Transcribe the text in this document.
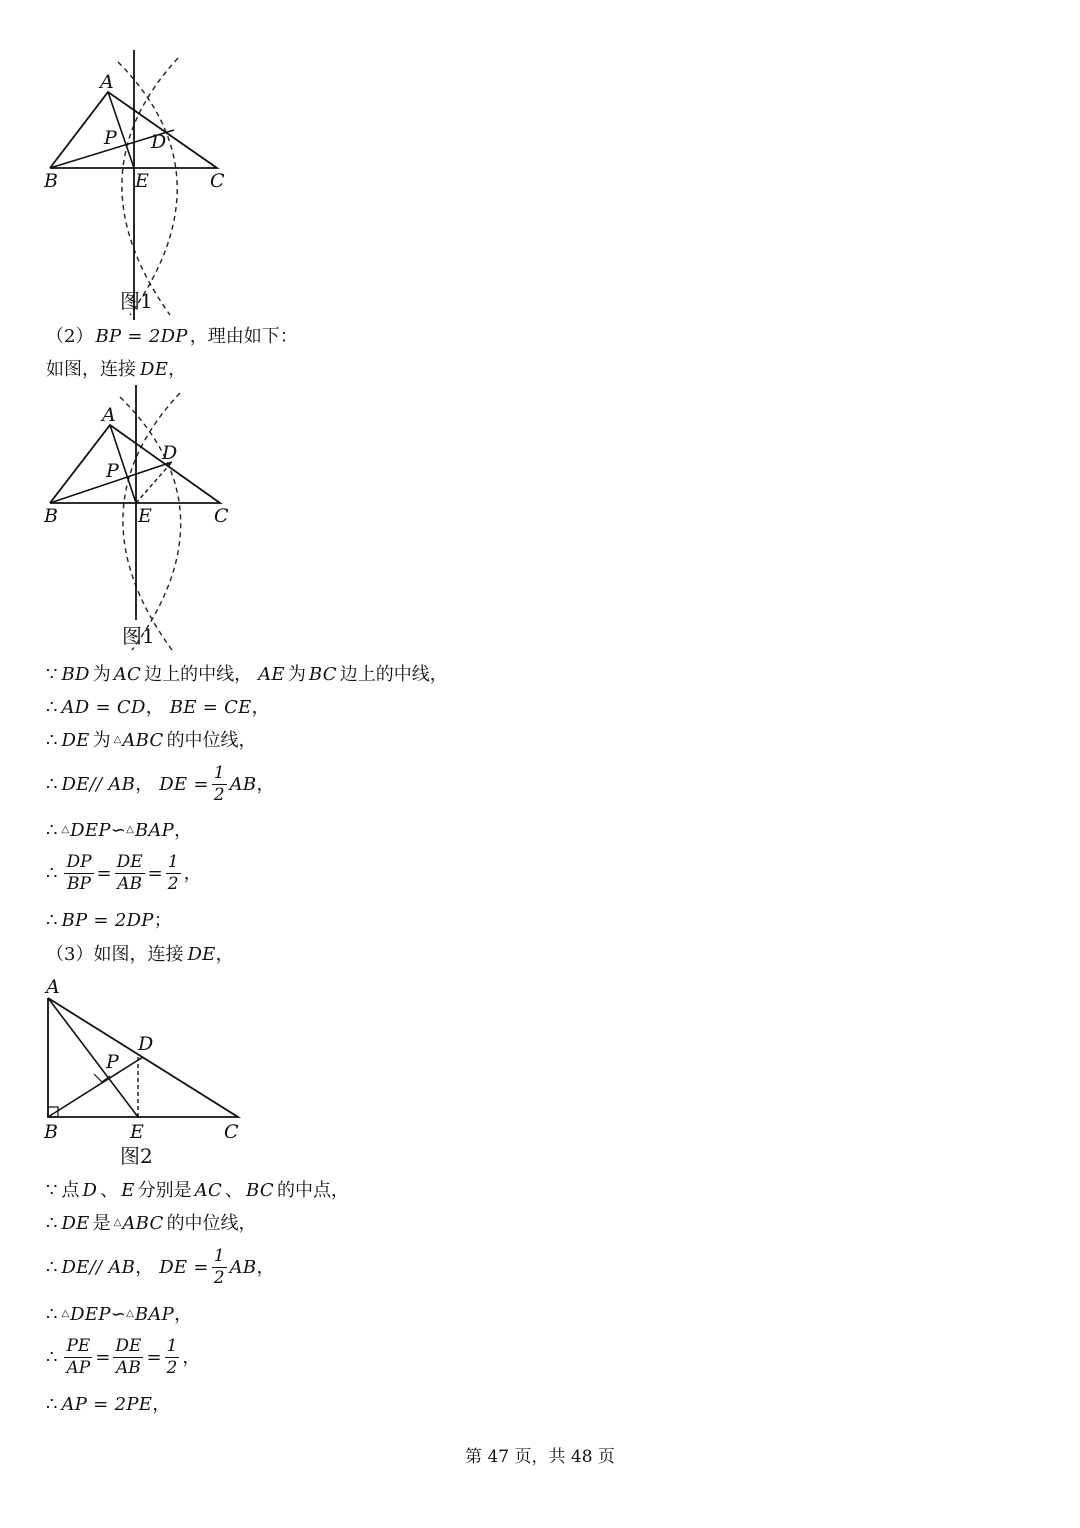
A
B	C
D
E
P
图1
（2） BP = 2DP ，理由如下：
如图，连接 DE ，
A
B	C
D
E
P
图1
∵ BD 为 AC 边上的中线， AE 为 BC 边上的中线，
∴ AD = CD ， BE = CE ，
∴ DE 为 △ ABC 的中位线，
∴ DE// AB ， DE = $\frac{1}{2}$ AB ，
∴ △ DEP∽ △ BAP ，
∴ $\frac{DP}{BP} = \frac{DE}{AB} = \frac{1}{2}$ ，
∴ BP = 2DP ；
（3） 如图，连接 DE ，
A
B	C
D
E
P
图2
∵ 点 D 、 E 分别是 AC 、 BC 的中点，
∴ DE 是 △ ABC 的中位线，
∴ DE// AB ， DE = $\frac{1}{2}$ AB ，
∴ △ DEP∽ △ BAP ，
∴ $\frac{PE}{AP} = \frac{DE}{AB} = \frac{1}{2}$ ，
∴ AP = 2PE ，
第 47 页，共 48 页
